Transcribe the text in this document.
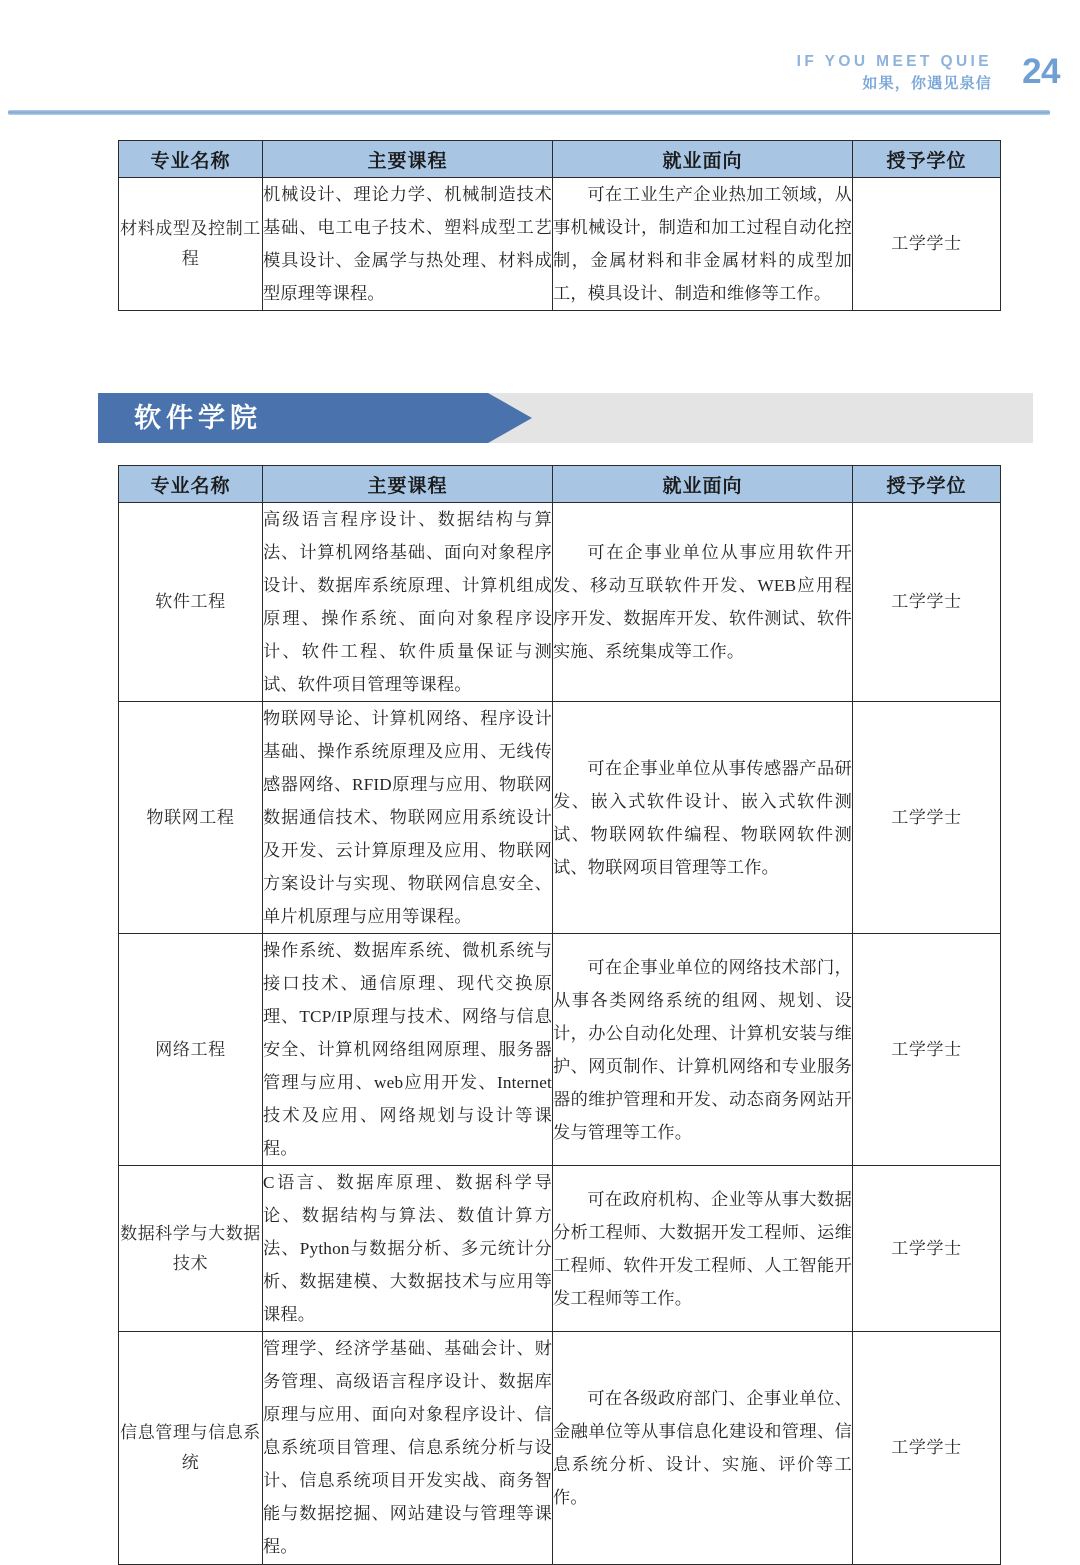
IF YOU MEET QUIE
如果，你遇见泉信 24
专业名称	主要课程	就业面向	授予学位
材料成型及控制工程	机械设计、理论力学、机械制造技术基础、电工电子技术、塑料成型工艺模具设计、金属学与热处理、材料成型原理等课程。	可在工业生产企业热加工领域，从事机械设计，制造和加工过程自动化控制，金属材料和非金属材料的成型加工，模具设计、制造和维修等工作。	工学学士
软件学院
专业名称	主要课程	就业面向	授予学位
软件工程	高级语言程序设计、数据结构与算法、计算机网络基础、面向对象程序设计、数据库系统原理、计算机组成原理、操作系统、面向对象程序设计、软件工程、软件质量保证与测试、软件项目管理等课程。	可在企事业单位从事应用软件开发、移动互联软件开发、WEB应用程序开发、数据库开发、软件测试、软件实施、系统集成等工作。	工学学士
物联网工程	物联网导论、计算机网络、程序设计基础、操作系统原理及应用、无线传感器网络、RFID原理与应用、物联网数据通信技术、物联网应用系统设计及开发、云计算原理及应用、物联网方案设计与实现、物联网信息安全、单片机原理与应用等课程。	可在企事业单位从事传感器产品研发、嵌入式软件设计、嵌入式软件测试、物联网软件编程、物联网软件测试、物联网项目管理等工作。	工学学士
网络工程	操作系统、数据库系统、微机系统与接口技术、通信原理、现代交换原理、TCP/IP原理与技术、网络与信息安全、计算机网络组网原理、服务器管理与应用、web应用开发、Internet技术及应用、网络规划与设计等课程。	可在企事业单位的网络技术部门，从事各类网络系统的组网、规划、设计，办公自动化处理、计算机安装与维护、网页制作、计算机网络和专业服务器的维护管理和开发、动态商务网站开发与管理等工作。	工学学士
数据科学与大数据技术	C语言、数据库原理、数据科学导论、数据结构与算法、数值计算方法、Python与数据分析、多元统计分析、数据建模、大数据技术与应用等课程。	可在政府机构、企业等从事大数据分析工程师、大数据开发工程师、运维工程师、软件开发工程师、人工智能开发工程师等工作。	工学学士
信息管理与信息系统	管理学、经济学基础、基础会计、财务管理、高级语言程序设计、数据库原理与应用、面向对象程序设计、信息系统项目管理、信息系统分析与设计、信息系统项目开发实战、商务智能与数据挖掘、网站建设与管理等课程。	可在各级政府部门、企事业单位、金融单位等从事信息化建设和管理、信息系统分析、设计、实施、评价等工作。	工学学士
